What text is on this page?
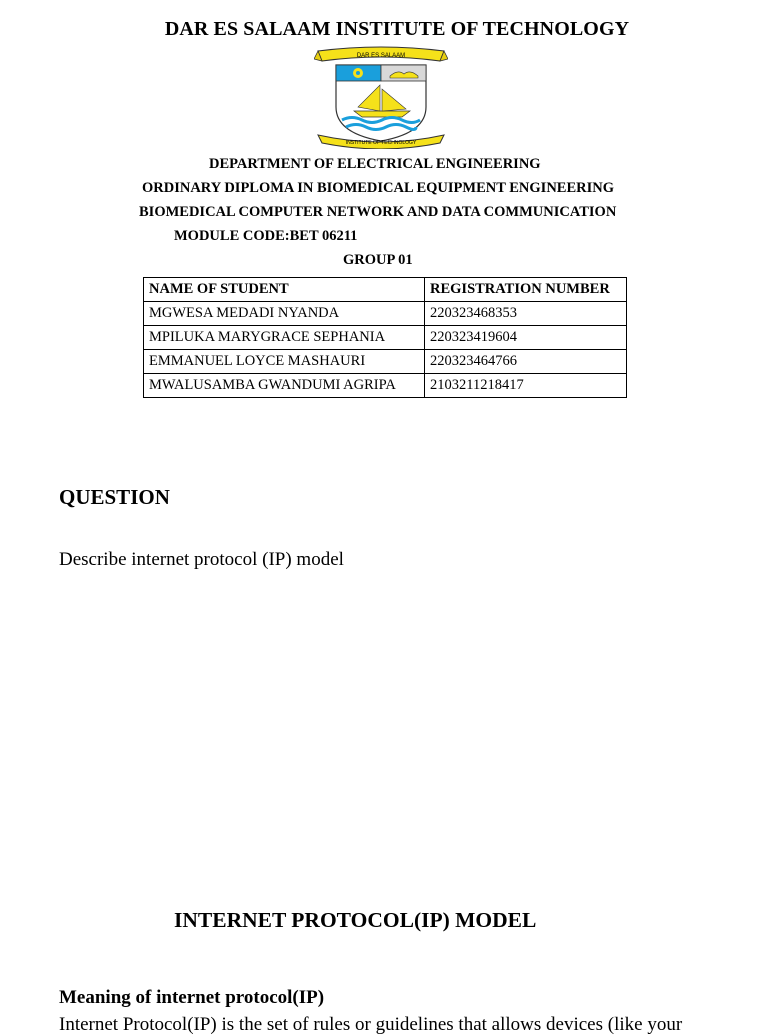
DAR ES SALAAM INSTITUTE OF TECHNOLOGY
DAR ES SALAAM
INSTITUTE OF TECHNOLOGY
DEPARTMENT OF ELECTRICAL ENGINEERING
ORDINARY DIPLOMA IN BIOMEDICAL EQUIPMENT ENGINEERING
BIOMEDICAL COMPUTER NETWORK AND DATA COMMUNICATION
MODULE CODE:BET 06211
GROUP 01
NAME OF STUDENT	REGISTRATION NUMBER
MGWESA MEDADI NYANDA	220323468353
MPILUKA MARYGRACE SEPHANIA	220323419604
EMMANUEL LOYCE MASHAURI	220323464766
MWALUSAMBA GWANDUMI AGRIPA	2103211218417
QUESTION
Describe internet protocol (IP) model
INTERNET PROTOCOL(IP) MODEL
Meaning of internet protocol(IP)
Internet Protocol(IP) is the set of rules or guidelines that allows devices (like your
